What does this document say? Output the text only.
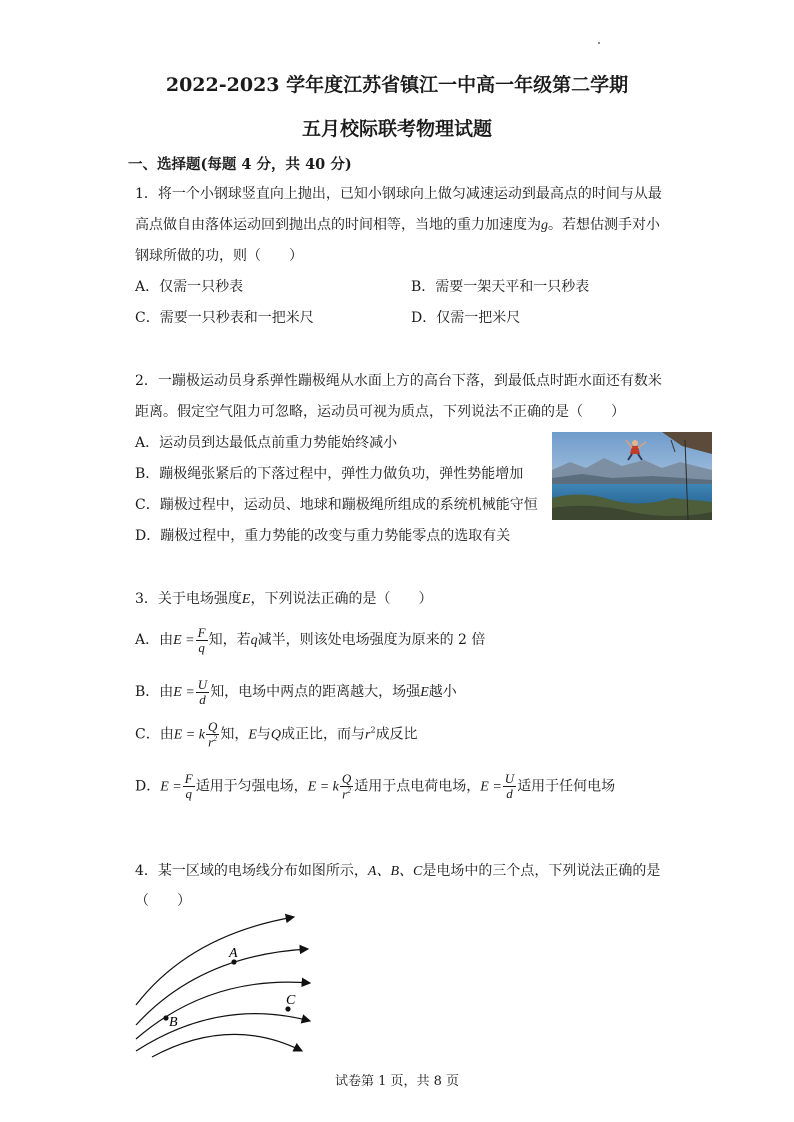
2022-2023 学年度江苏省镇江一中高一年级第二学期
五月校际联考物理试题
一、选择题(每题 4 分，共 40 分)
1．将一个小钢球竖直向上抛出，已知小钢球向上做匀减速运动到最高点的时间与从最
高点做自由落体运动回到抛出点的时间相等，当地的重力加速度为g。若想估测手对小
钢球所做的功，则（　　）
A．仅需一只秒表	B．需要一架天平和一只秒表
C．需要一只秒表和一把米尺	D．仅需一把米尺
2．一蹦极运动员身系弹性蹦极绳从水面上方的高台下落，到最低点时距水面还有数米
距离。假定空气阻力可忽略，运动员可视为质点，下列说法不正确的是（　　）
A．运动员到达最低点前重力势能始终减小
B．蹦极绳张紧后的下落过程中，弹性力做负功，弹性势能增加
C．蹦极过程中，运动员、地球和蹦极绳所组成的系统机械能守恒
D．蹦极过程中，重力势能的改变与重力势能零点的选取有关
3．关于电场强度E，下列说法正确的是（　　）
A．由$E = \frac{F}{q}$ 知，若q减半，则该处电场强度为原来的 2 倍
B．由$E = \frac{U}{d}$ 知，电场中两点的距离越大，场强E越小
C．由E = k $\frac{Q}{r^2}$ 知，E与Q成正比，而与$r^2$成反比
D．$E = \frac{F}{q}$ 适用于匀强电场，E = k $\frac{Q}{r^2}$ 适用于点电荷电场，$E = \frac{U}{d}$ 适用于任何电场
4．某一区域的电场线分布如图所示，A、B、C是电场中的三个点，下列说法正确的是
（　　）
A
B
C
试卷第 1 页，共 8 页
